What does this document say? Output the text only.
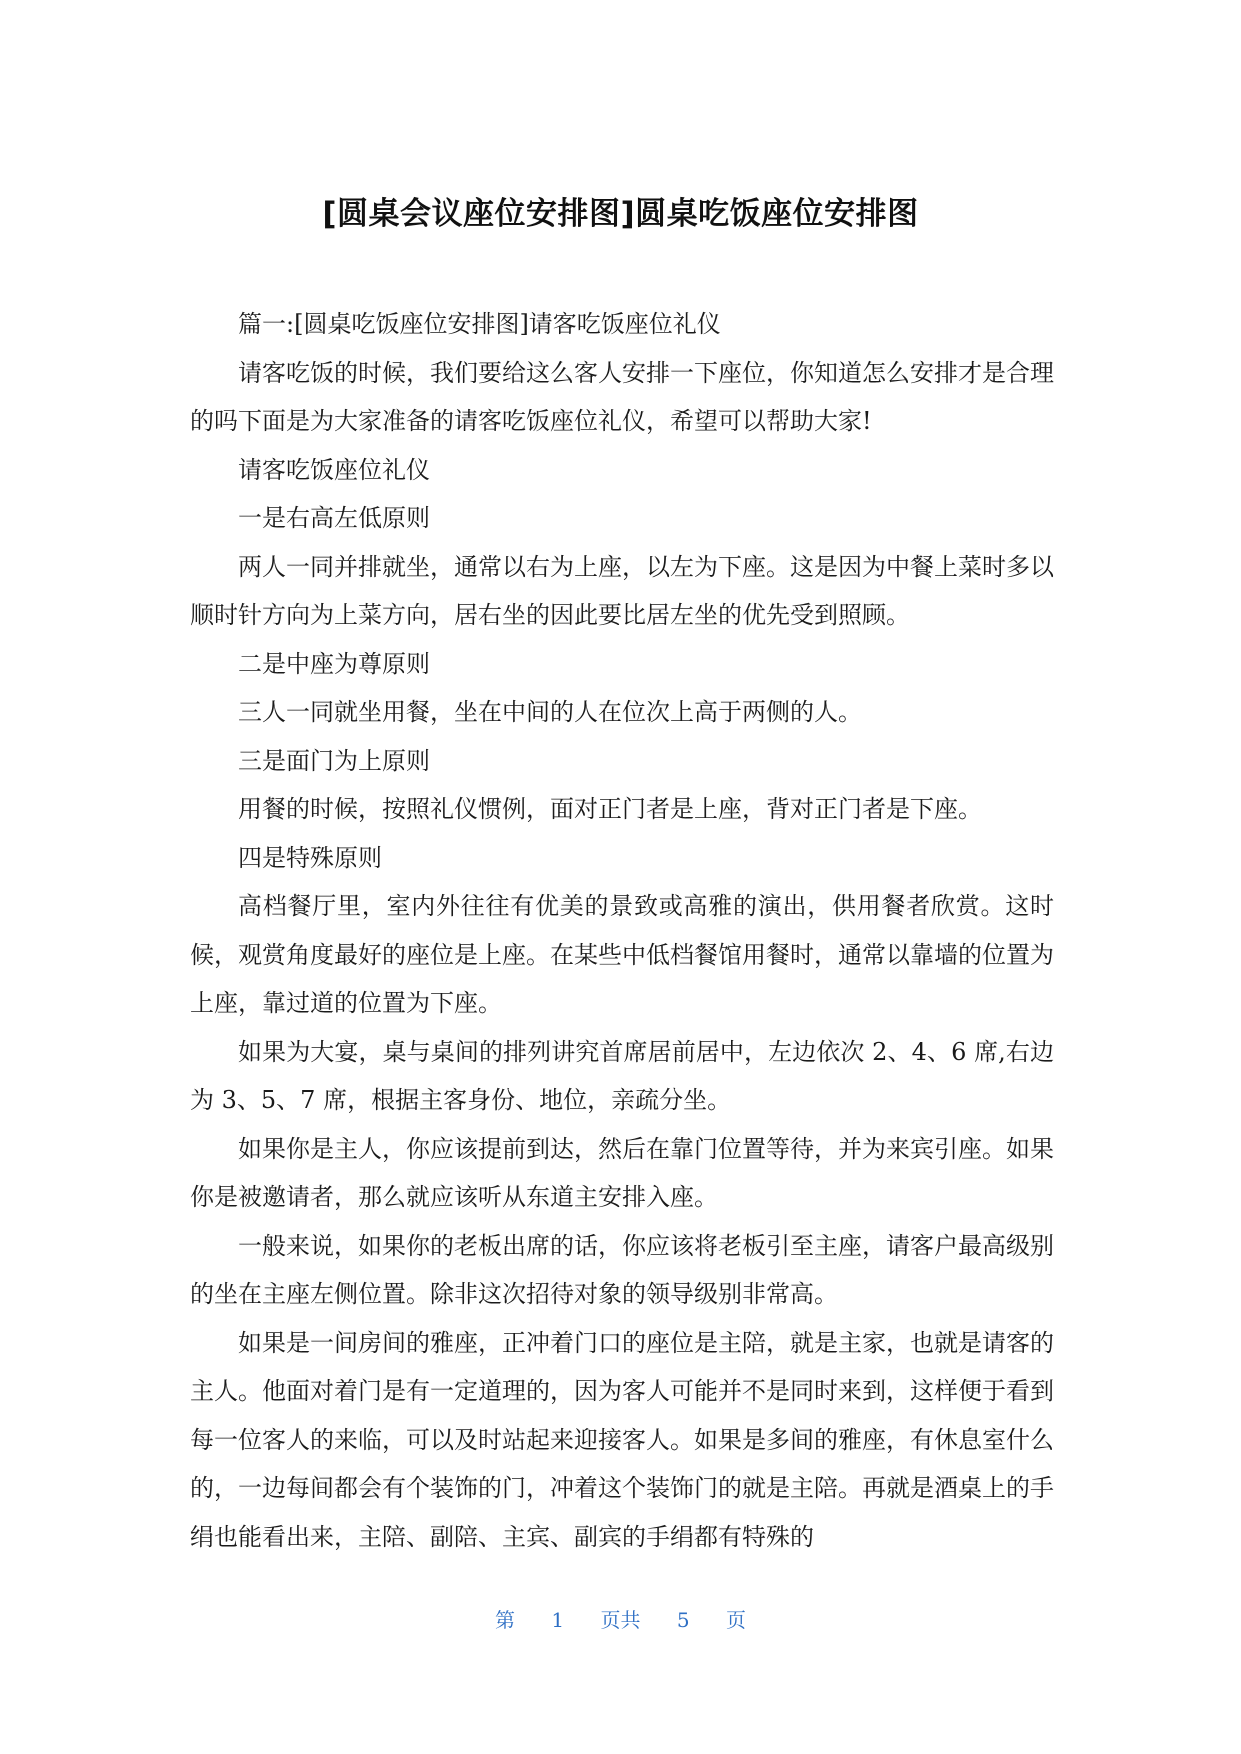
[圆桌会议座位安排图]圆桌吃饭座位安排图

篇一:[圆桌吃饭座位安排图]请客吃饭座位礼仪

请客吃饭的时候，我们要给这么客人安排一下座位，你知道怎么安排才是合理的吗下面是为大家准备的请客吃饭座位礼仪，希望可以帮助大家!

请客吃饭座位礼仪

一是右高左低原则

两人一同并排就坐，通常以右为上座，以左为下座。这是因为中餐上菜时多以顺时针方向为上菜方向，居右坐的因此要比居左坐的优先受到照顾。

二是中座为尊原则

三人一同就坐用餐，坐在中间的人在位次上高于两侧的人。

三是面门为上原则

用餐的时候，按照礼仪惯例，面对正门者是上座，背对正门者是下座。

四是特殊原则

高档餐厅里，室内外往往有优美的景致或高雅的演出，供用餐者欣赏。这时候，观赏角度最好的座位是上座。在某些中低档餐馆用餐时，通常以靠墙的位置为上座，靠过道的位置为下座。

如果为大宴，桌与桌间的排列讲究首席居前居中，左边依次 2、4、6 席,右边为 3、5、7 席，根据主客身份、地位，亲疏分坐。

如果你是主人，你应该提前到达，然后在靠门位置等待，并为来宾引座。如果你是被邀请者，那么就应该听从东道主安排入座。

一般来说，如果你的老板出席的话，你应该将老板引至主座，请客户最高级别的坐在主座左侧位置。除非这次招待对象的领导级别非常高。

如果是一间房间的雅座，正冲着门口的座位是主陪，就是主家，也就是请客的主人。他面对着门是有一定道理的，因为客人可能并不是同时来到，这样便于看到每一位客人的来临，可以及时站起来迎接客人。如果是多间的雅座，有休息室什么的，一边每间都会有个装饰的门，冲着这个装饰门的就是主陪。再就是酒桌上的手绢也能看出来，主陪、副陪、主宾、副宾的手绢都有特殊的

第 1 页共 5 页
